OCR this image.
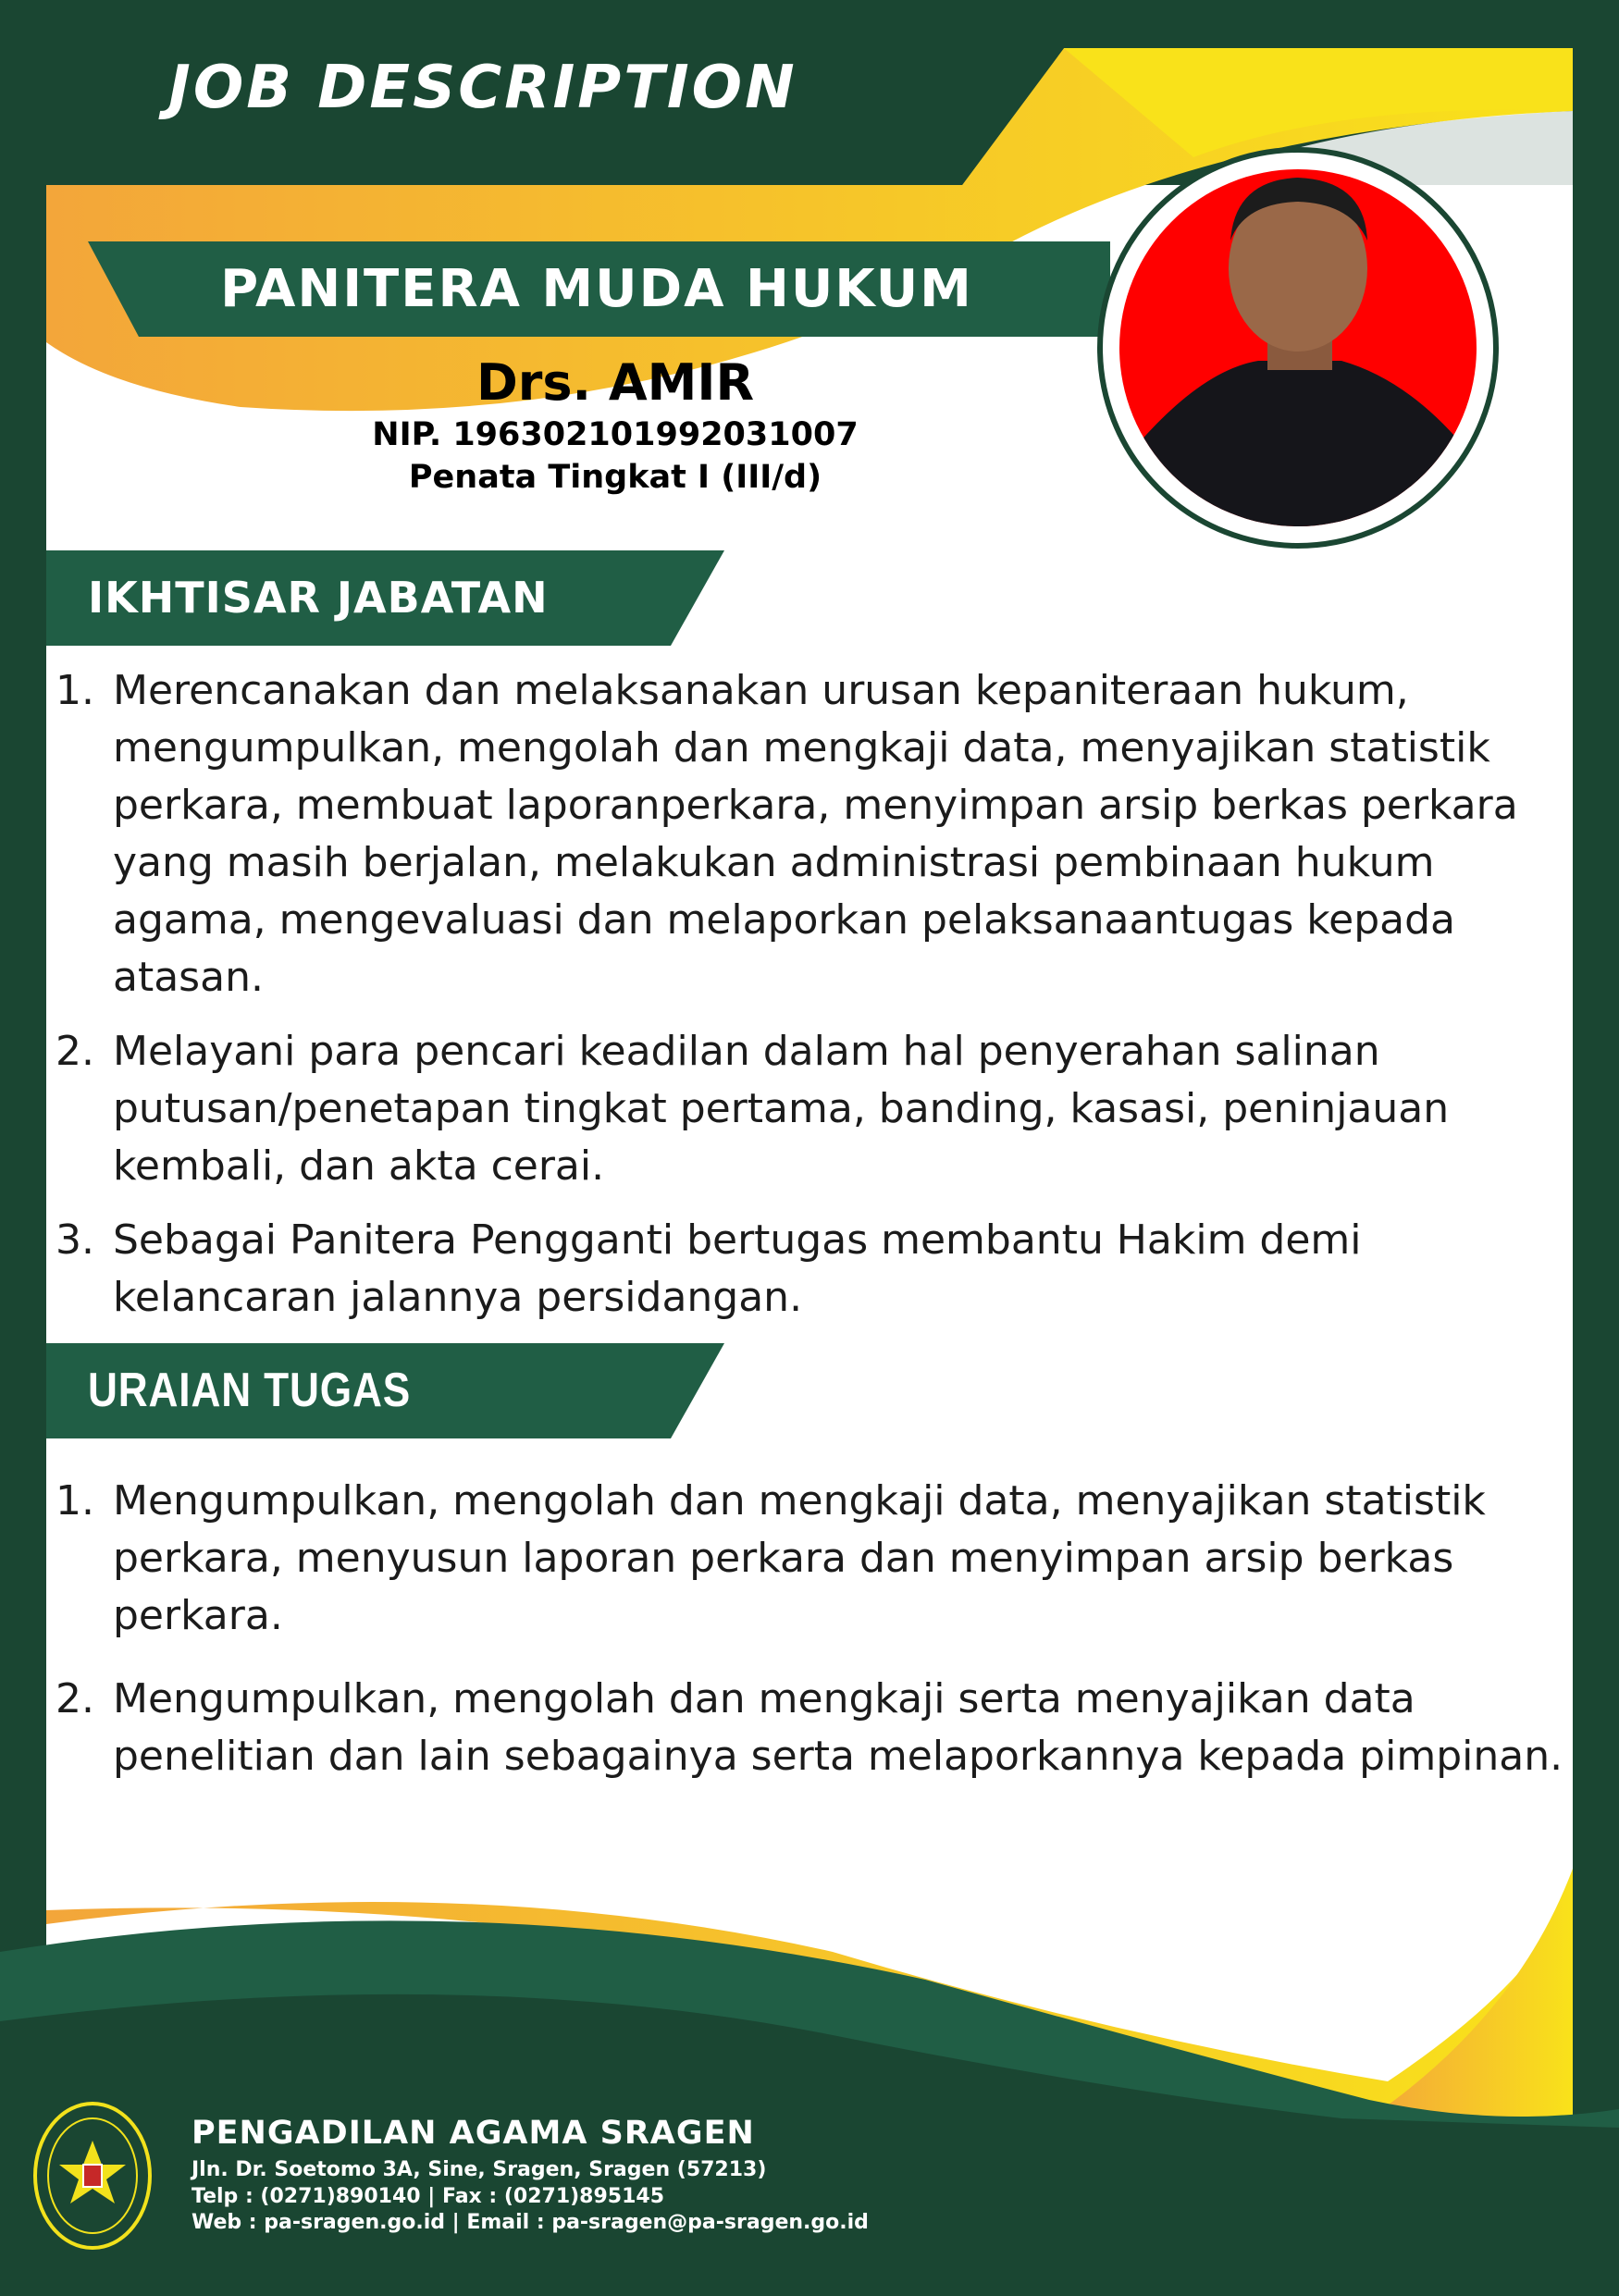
JOB DESCRIPTION
PANITERA MUDA HUKUM
Drs. AMIR
NIP. 196302101992031007
Penata Tingkat I (III/d)
IKHTISAR JABATAN
1. Merencanakan dan melaksanakan urusan kepaniteraan hukum, mengumpulkan, mengolah dan mengkaji data, menyajikan statistik perkara, membuat laporanperkara, menyimpan arsip berkas perkara yang masih berjalan, melakukan administrasi pembinaan hukum agama, mengevaluasi dan melaporkan pelaksanaantugas kepada atasan.
2. Melayani para pencari keadilan dalam hal penyerahan salinan putusan/penetapan tingkat pertama, banding, kasasi, peninjauan kembali, dan akta cerai.
3. Sebagai Panitera Pengganti bertugas membantu Hakim demi kelancaran jalannya persidangan.
URAIAN TUGAS
1. Mengumpulkan, mengolah dan mengkaji data, menyajikan statistik perkara, menyusun laporan perkara dan menyimpan arsip berkas perkara.
2. Mengumpulkan, mengolah dan mengkaji serta menyajikan data penelitian dan lain sebagainya serta melaporkannya kepada pimpinan.
PENGADILAN AGAMA SRAGEN
Jln. Dr. Soetomo 3A, Sine, Sragen, Sragen (57213)
Telp : (0271)890140 | Fax : (0271)895145
Web : pa-sragen.go.id | Email : pa-sragen@pa-sragen.go.id
